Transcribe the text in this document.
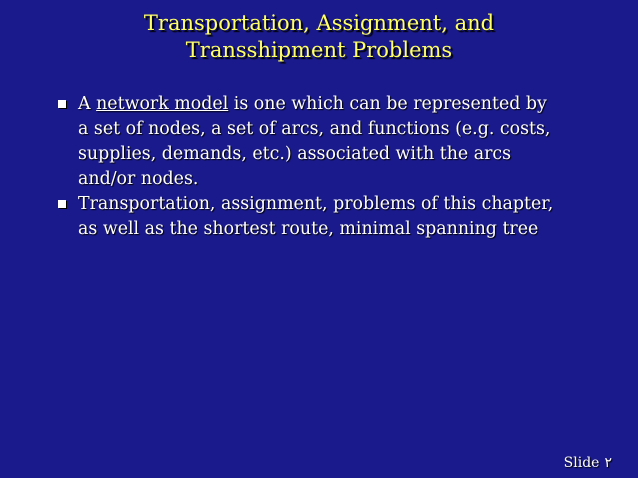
Transportation, Assignment, and
Transshipment Problems
A network model is one which can be represented by
a set of nodes, a set of arcs, and functions (e.g. costs,
supplies, demands, etc.) associated with the arcs
and/or nodes.
Transportation, assignment, problems of this chapter,
as well as the shortest route, minimal spanning tree
Slide ٢
